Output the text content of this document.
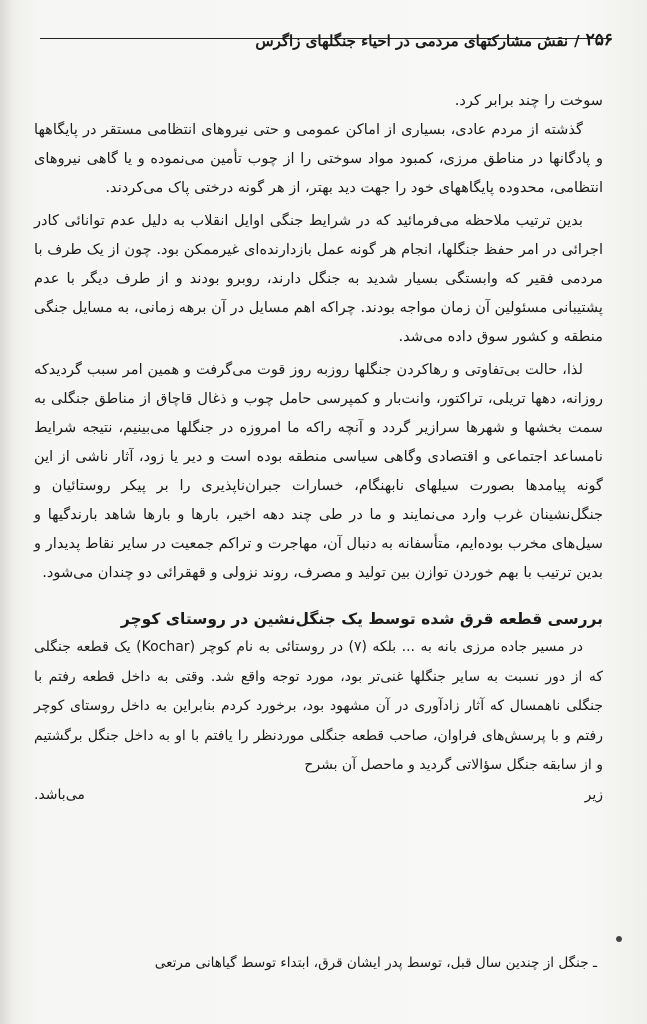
۲۵۶
/
نقش مشارکتهای مردمی در احیاء جنگلهای زاگرس

سوخت را چند برابر کرد.

گذشته از مردم عادی، بسیاری از اماکن عمومی و حتی نیروهای انتظامی مستقر در پایگاهها و پادگانها در مناطق مرزی، کمبود مواد سوختی را از چوب تأمین می‌نموده و یا گاهی نیروهای انتظامی، محدوده پایگاههای خود را جهت دید بهتر، از هر گونه درختی پاک می‌کردند.

بدین ترتیب ملاحظه می‌فرمائید که در شرایط جنگی اوایل انقلاب به دلیل عدم توانائی کادر اجرائی در امر حفظ جنگلها، انجام هر گونه عمل بازدارنده‌ای غیرممکن بود. چون از یک طرف با مردمی فقیر که وابستگی بسیار شدید به جنگل دارند، روبرو بودند و از طرف دیگر با عدم پشتیبانی مسئولین آن زمان مواجه بودند. چراکه اهم مسایل در آن برهه زمانی، به مسایل جنگی منطقه و کشور سوق داده می‌شد.

لذا، حالت بی‌تفاوتی و رهاکردن جنگلها روزبه روز قوت می‌گرفت و همین امر سبب گردیدکه روزانه، دهها تریلی، تراکتور، وانت‌بار و کمپرسی حامل چوب و ذغال قاچاق از مناطق جنگلی به سمت بخشها و شهرها سرازیر گردد و آنچه راکه ما امروزه در جنگلها می‌بینیم، نتیجه شرایط نامساعد اجتماعی و اقتصادی وگاهی سیاسی منطقه بوده است و دیر یا زود، آثار ناشی از این گونه پیامدها بصورت سیلهای نابهنگام، خسارات جبران‌ناپذیری را بر پیکر روستائیان و جنگل‌نشینان غرب وارد می‌نمایند و ما در طی چند دهه اخیر، بارها و بارها شاهد بارندگیها و سیل‌های مخرب بوده‌ایم، متأسفانه به دنبال آن، مهاجرت و تراکم جمعیت در سایر نقاط پدیدار و بدین ترتیب با بهم خوردن توازن بین تولید و مصرف، روند نزولی و قهقرائی دو چندان می‌شود.

بررسی قطعه قرق شده توسط یک جنگل‌نشین در روستای کوچر

در مسیر جاده مرزی بانه به ... بلکه (۷) در روستائی به نام کوچر (Kochar) یک قطعه جنگلی که از دور نسبت به سایر جنگلها غنی‌تر بود، مورد توجه واقع شد. وقتی به داخل قطعه رفتم با جنگلی ناهمسال که آثار زادآوری در آن مشهود بود، برخورد کردم بنابراین به داخل روستای کوچر رفتم و با پرسش‌های فراوان، صاحب قطعه جنگلی موردنظر را یافتم با او به داخل جنگل برگشتیم و از سابقه جنگل سؤالاتی گردید و ماحصل آن بشرح

زیر
می‌باشد.
ـ جنگل از چندین سال قبل، توسط پدر ایشان قرق، ابتداء توسط گیاهانی مرتعی
